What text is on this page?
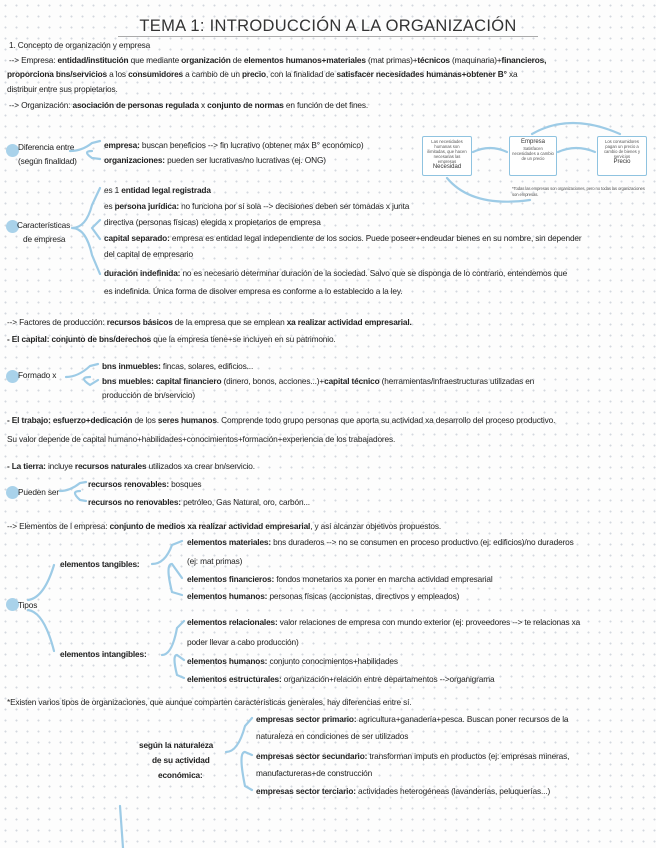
TEMA 1: INTRODUCCIÓN A LA ORGANIZACIÓN
1. Concepto de organización y empresa
--> Empresa: entidad/institución que mediante organización de elementos humanos+materiales (mat primas)+técnicos (maquinaria)+financieros,
proporciona bns/servicios a los consumidores a cambio de un precio, con la finalidad de satisfacer necesidades humanas+obtener B° xa
distribuir entre sus propietarios.
--> Organización: asociación de personas regulada x conjunto de normas en función de det fines.
Diferencia entre
(según finalidad)
empresa: buscan beneficios --> fin lucrativo (obtener máx B° económico)
organizaciones: pueden ser lucrativas/no lucrativas (ej. ONG)
Las necesidades humanas son ilimitadas, que hacen necesarias las empresas
Necesidad
Empresa
Satisfacen necesidades a cambio de un precio
Los consumidores pagan un precio a cambio de bienes y servicios
Precio
*Todas las empresas son organizaciones, pero no todas las organizaciones son empresas.
Características
de empresa
es 1 entidad legal registrada
es persona jurídica: no funciona por sí sola --> decisiones deben ser tomadas x junta
directiva (personas físicas) elegida x propietarios de empresa
capital separado: empresa es entidad legal independiente de los socios. Puede poseer+endeudar bienes en su nombre, sin depender
del capital de empresario
duración indefinida: no es necesario determinar duración de la sociedad. Salvo que se disponga de lo contrario, entendemos que
es indefinida. Única forma de disolver empresa es conforme a lo establecido a la ley.
--> Factores de producción: recursos básicos de la empresa que se emplean xa realizar actividad empresarial.
- El capital: conjunto de bns/derechos que la empresa tiene+se incluyen en su patrimonio.
Formado x
bns inmuebles: fincas, solares, edificios...
bns muebles: capital financiero (dinero, bonos, acciones...)+capital técnico (herramientas/infraestructuras utilizadas en
producción de bn/servicio)
- El trabajo: esfuerzo+dedicación de los seres humanos. Comprende todo grupo personas que aporta su actividad xa desarrollo del proceso productivo.
Su valor depende de capital humano+habilidades+conocimientos+formación+experiencia de los trabajadores.
- La tierra: incluye recursos naturales utilizados xa crear bn/servicio.
Pueden ser
recursos renovables: bosques
recursos no renovables: petróleo, Gas Natural, oro, carbón...
--> Elementos de l empresa: conjunto de medios xa realizar actividad empresarial, y así alcanzar objetivos propuestos.
Tipos
elementos tangibles:
elementos intangibles:
elementos materiales: bns duraderos --> no se consumen en proceso productivo (ej: edificios)/no duraderos
(ej: mat primas)
elementos financieros: fondos monetarios xa poner en marcha actividad empresarial
elementos humanos: personas físicas (accionistas, directivos y empleados)
elementos relacionales: valor relaciones de empresa con mundo exterior (ej: proveedores --> te relacionas xa
poder llevar a cabo producción)
elementos humanos: conjunto conocimientos+habilidades
elementos estructurales: organización+relación entre departamentos -->organigrama
*Existen varios tipos de organizaciones, que aunque comparten características generales, hay diferencias entre sí.
según la naturaleza
de su actividad
económica:
empresas sector primario: agricultura+ganadería+pesca. Buscan poner recursos de la
naturaleza en condiciones de ser utilizados
empresas sector secundario: transforman imputs en productos (ej: empresas mineras,
manufactureras+de construcción
empresas sector terciario: actividades heterogéneas (lavanderías, peluquerías...)
